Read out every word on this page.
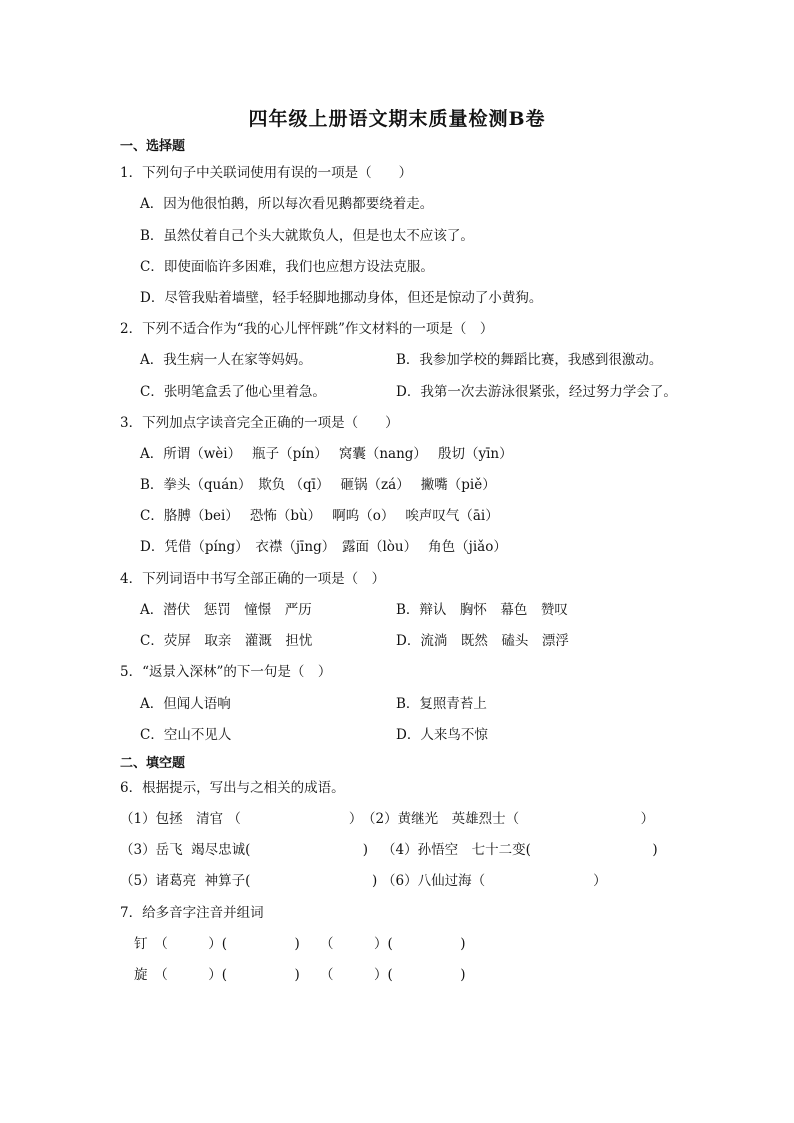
四年级上册语文期末质量检测B卷
一、选择题
1．下列句子中关联词使用有误的一项是（　　）
A．因为他很怕鹅，所以每次看见鹅都要绕着走。
B．虽然仗着自己个头大就欺负人，但是也太不应该了。
C．即使面临许多困难，我们也应想方设法克服。
D．尽管我贴着墙壁，轻手轻脚地挪动身体，但还是惊动了小黄狗。
2．下列不适合作为“我的心儿怦怦跳”作文材料的一项是（　）
A．我生病一人在家等妈妈。	B．我参加学校的舞蹈比赛，我感到很激动。
C．张明笔盒丢了他心里着急。	D．我第一次去游泳很紧张，经过努力学会了。
3．下列加点字读音完全正确的一项是（　　）
A．所谓（wèi）　 瓶子（pín）　 窝囊（nang）　 殷切（yīn）
B．拳头（quán）　欺负 （qī）　 砸锅（zá）　 撇嘴（piě）
C．胳膊（bei）　 恐怖（bù）　 啊呜（o）　 唉声叹气（āi）
D．凭借（píng）　衣襟（jīng）　露面（lòu）　 角色（jiǎo）
4．下列词语中书写全部正确的一项是（　）
A．潜伏　惩罚　憧憬　严历	B．辩认　胸怀　幕色　赞叹
C．荧屏　取亲　灌溉　担忧	D．流淌　既然　磕头　漂浮
5．“返景入深林”的下一句是（　）
A．但闻人语响	B．复照青苔上
C．空山不见人	D．人来鸟不惊
二、填空题
6．根据提示，写出与之相关的成语。
（1）包拯　清官 （　　　　　　　　） （2）黄继光　英雄烈士（　　　　　　　　　）
（3）岳飞  竭尽忠诚(　　　　　　　　 ) （4）孙悟空　七十二变(　　　　　　　　　)
（5）诸葛亮  神算子(　　　　　　　　　) （6）八仙过海（　　　　　　　　）
7．给多音字注音并组词
钉　（　　　）(　　　　　)　　（　　　）(　　　　　)
旋　（　　　）(　　　　　)　　（　　　）(　　　　　)
